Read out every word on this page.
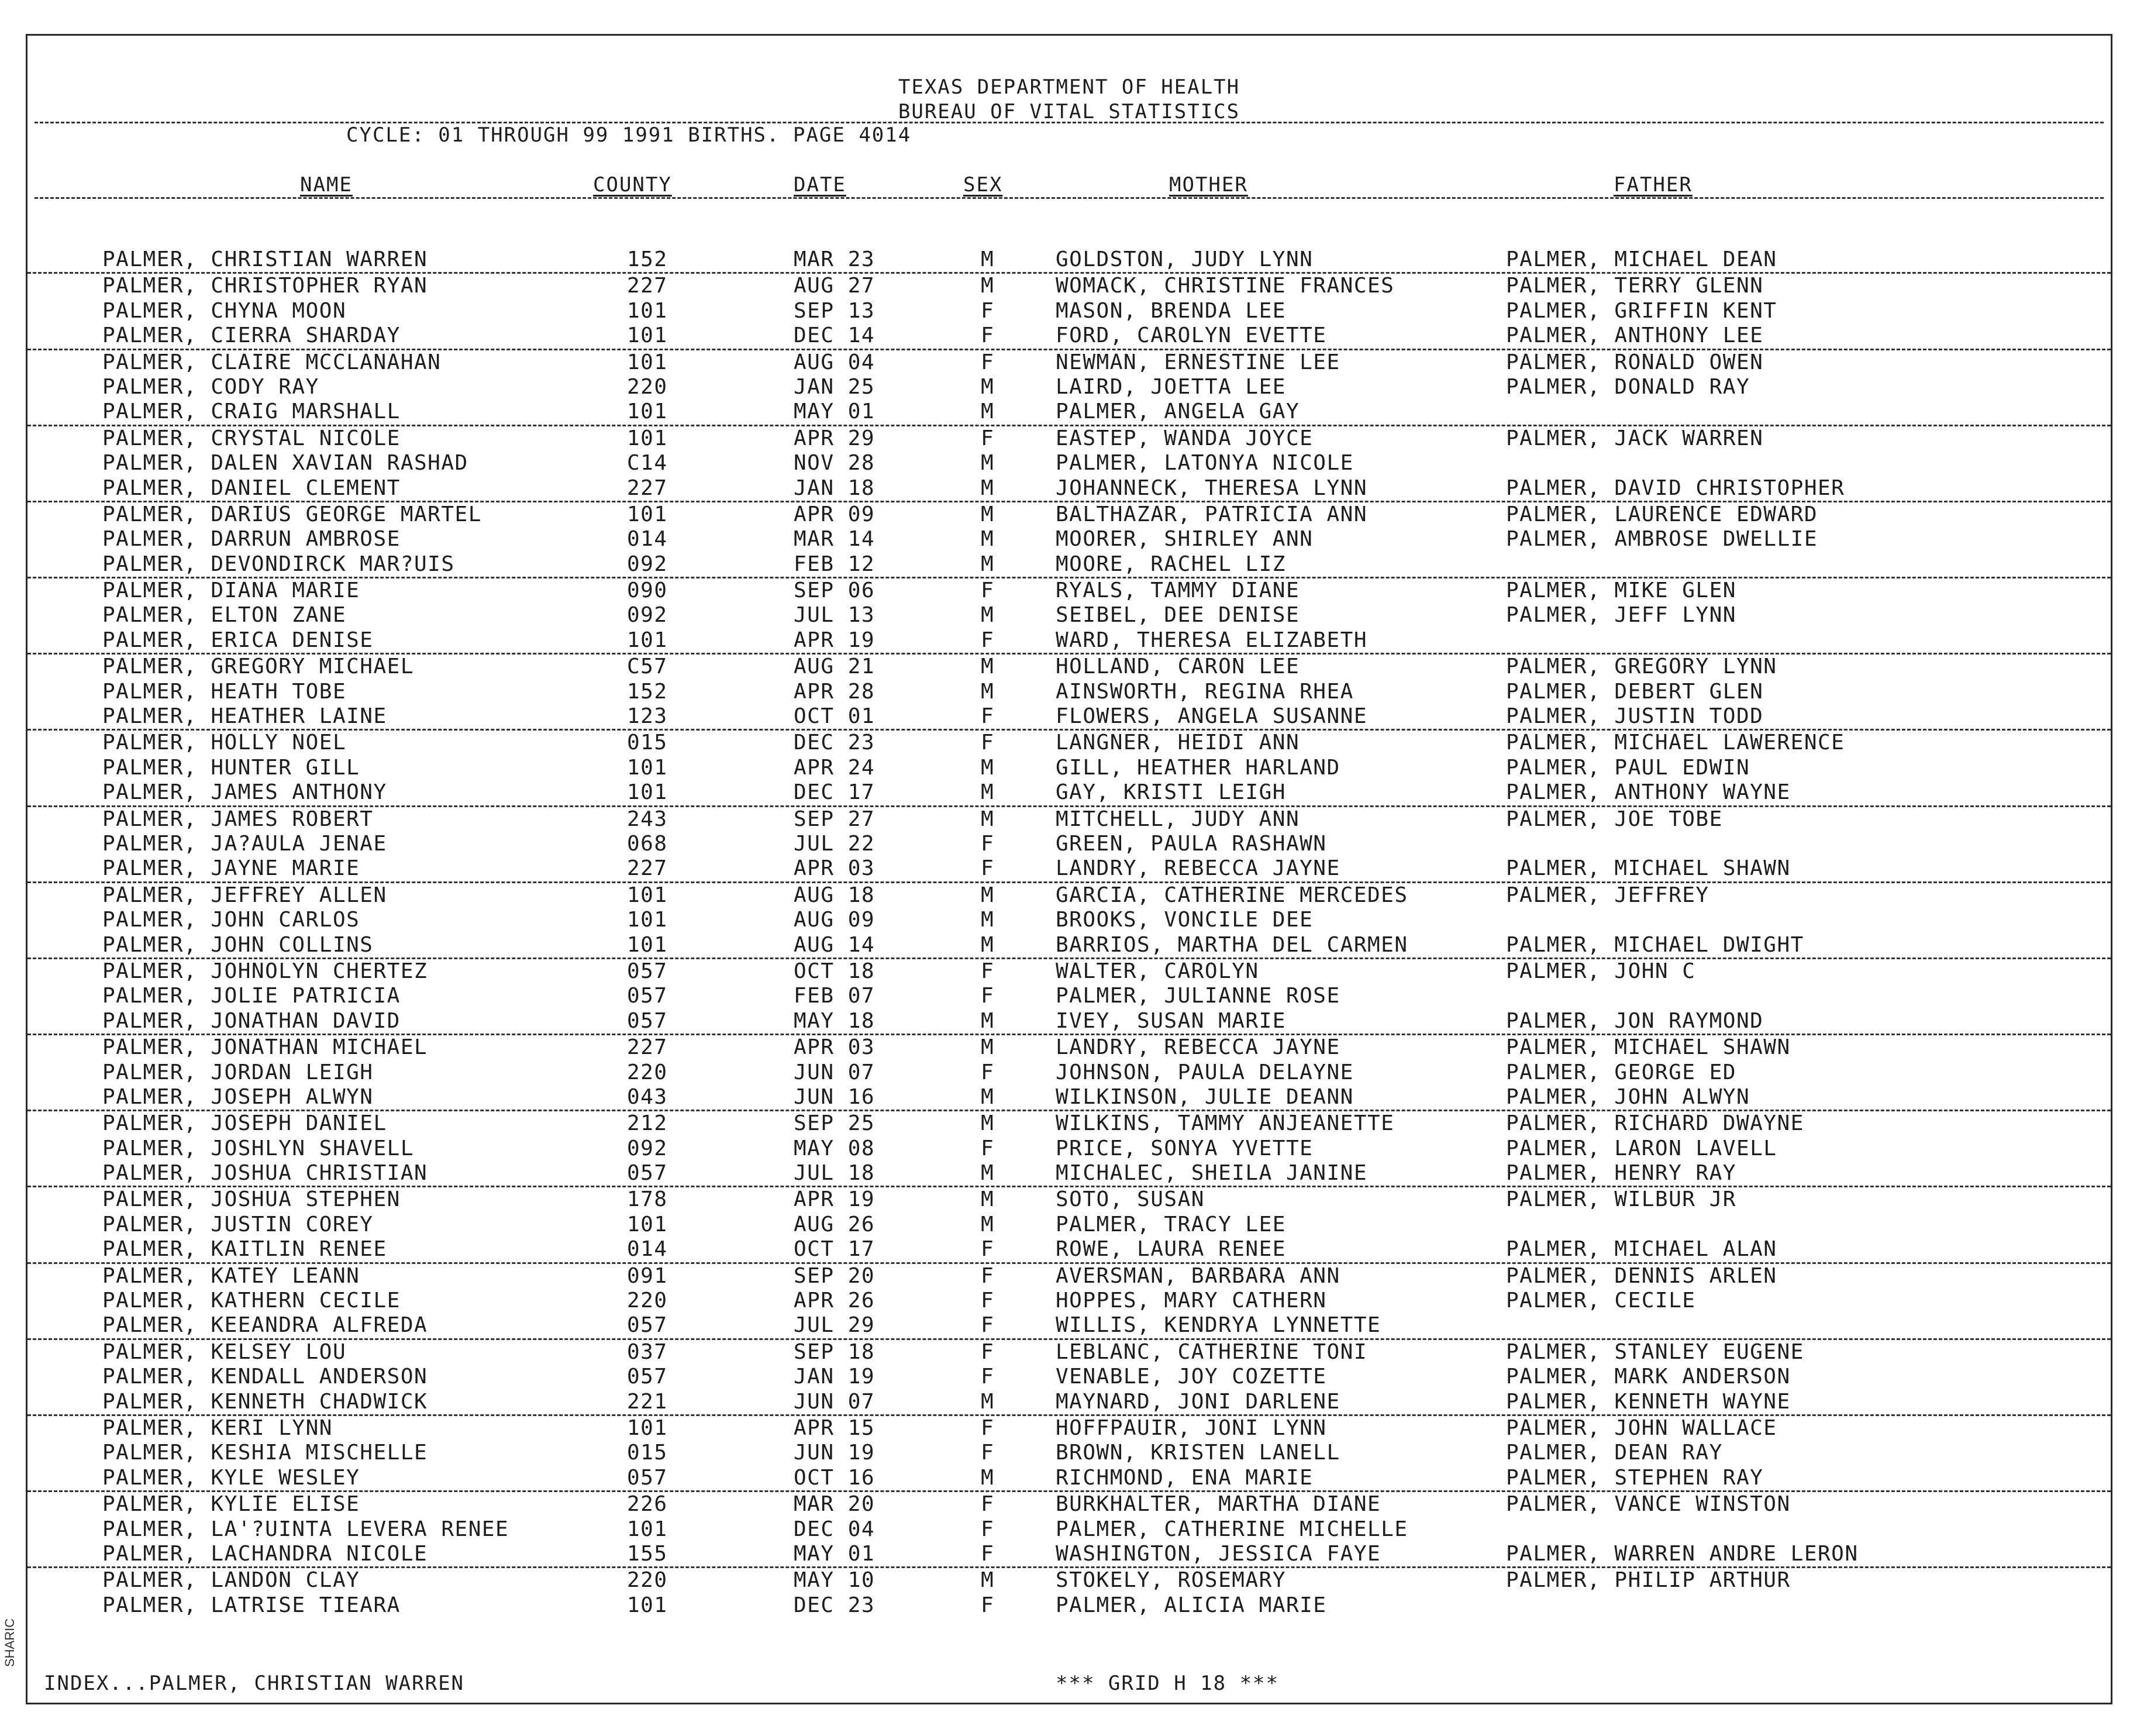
TEXAS DEPARTMENT OF HEALTH
BUREAU OF VITAL STATISTICS
CYCLE: 01 THROUGH 99 1991 BIRTHS. PAGE 4014
NAME	COUNTY	DATE	SEX	MOTHER	FATHER
PALMER, CHRISTIAN WARREN	152	MAR 23	M	GOLDSTON, JUDY LYNN	PALMER, MICHAEL DEAN
PALMER, CHRISTOPHER RYAN	227	AUG 27	M	WOMACK, CHRISTINE FRANCES	PALMER, TERRY GLENN
PALMER, CHYNA MOON	101	SEP 13	F	MASON, BRENDA LEE	PALMER, GRIFFIN KENT
PALMER, CIERRA SHARDAY	101	DEC 14	F	FORD, CAROLYN EVETTE	PALMER, ANTHONY LEE
PALMER, CLAIRE MCCLANAHAN	101	AUG 04	F	NEWMAN, ERNESTINE LEE	PALMER, RONALD OWEN
PALMER, CODY RAY	220	JAN 25	M	LAIRD, JOETTA LEE	PALMER, DONALD RAY
PALMER, CRAIG MARSHALL	101	MAY 01	M	PALMER, ANGELA GAY
PALMER, CRYSTAL NICOLE	101	APR 29	F	EASTEP, WANDA JOYCE	PALMER, JACK WARREN
PALMER, DALEN XAVIAN RASHAD	C14	NOV 28	M	PALMER, LATONYA NICOLE
PALMER, DANIEL CLEMENT	227	JAN 18	M	JOHANNECK, THERESA LYNN	PALMER, DAVID CHRISTOPHER
PALMER, DARIUS GEORGE MARTEL	101	APR 09	M	BALTHAZAR, PATRICIA ANN	PALMER, LAURENCE EDWARD
PALMER, DARRUN AMBROSE	014	MAR 14	M	MOORER, SHIRLEY ANN	PALMER, AMBROSE DWELLIE
PALMER, DEVONDIRCK MAR?UIS	092	FEB 12	M	MOORE, RACHEL LIZ
PALMER, DIANA MARIE	090	SEP 06	F	RYALS, TAMMY DIANE	PALMER, MIKE GLEN
PALMER, ELTON ZANE	092	JUL 13	M	SEIBEL, DEE DENISE	PALMER, JEFF LYNN
PALMER, ERICA DENISE	101	APR 19	F	WARD, THERESA ELIZABETH
PALMER, GREGORY MICHAEL	C57	AUG 21	M	HOLLAND, CARON LEE	PALMER, GREGORY LYNN
PALMER, HEATH TOBE	152	APR 28	M	AINSWORTH, REGINA RHEA	PALMER, DEBERT GLEN
PALMER, HEATHER LAINE	123	OCT 01	F	FLOWERS, ANGELA SUSANNE	PALMER, JUSTIN TODD
PALMER, HOLLY NOEL	015	DEC 23	F	LANGNER, HEIDI ANN	PALMER, MICHAEL LAWERENCE
PALMER, HUNTER GILL	101	APR 24	M	GILL, HEATHER HARLAND	PALMER, PAUL EDWIN
PALMER, JAMES ANTHONY	101	DEC 17	M	GAY, KRISTI LEIGH	PALMER, ANTHONY WAYNE
PALMER, JAMES ROBERT	243	SEP 27	M	MITCHELL, JUDY ANN	PALMER, JOE TOBE
PALMER, JA?AULA JENAE	068	JUL 22	F	GREEN, PAULA RASHAWN
PALMER, JAYNE MARIE	227	APR 03	F	LANDRY, REBECCA JAYNE	PALMER, MICHAEL SHAWN
PALMER, JEFFREY ALLEN	101	AUG 18	M	GARCIA, CATHERINE MERCEDES	PALMER, JEFFREY
PALMER, JOHN CARLOS	101	AUG 09	M	BROOKS, VONCILE DEE
PALMER, JOHN COLLINS	101	AUG 14	M	BARRIOS, MARTHA DEL CARMEN	PALMER, MICHAEL DWIGHT
PALMER, JOHNOLYN CHERTEZ	057	OCT 18	F	WALTER, CAROLYN	PALMER, JOHN C
PALMER, JOLIE PATRICIA	057	FEB 07	F	PALMER, JULIANNE ROSE
PALMER, JONATHAN DAVID	057	MAY 18	M	IVEY, SUSAN MARIE	PALMER, JON RAYMOND
PALMER, JONATHAN MICHAEL	227	APR 03	M	LANDRY, REBECCA JAYNE	PALMER, MICHAEL SHAWN
PALMER, JORDAN LEIGH	220	JUN 07	F	JOHNSON, PAULA DELAYNE	PALMER, GEORGE ED
PALMER, JOSEPH ALWYN	043	JUN 16	M	WILKINSON, JULIE DEANN	PALMER, JOHN ALWYN
PALMER, JOSEPH DANIEL	212	SEP 25	M	WILKINS, TAMMY ANJEANETTE	PALMER, RICHARD DWAYNE
PALMER, JOSHLYN SHAVELL	092	MAY 08	F	PRICE, SONYA YVETTE	PALMER, LARON LAVELL
PALMER, JOSHUA CHRISTIAN	057	JUL 18	M	MICHALEC, SHEILA JANINE	PALMER, HENRY RAY
PALMER, JOSHUA STEPHEN	178	APR 19	M	SOTO, SUSAN	PALMER, WILBUR JR
PALMER, JUSTIN COREY	101	AUG 26	M	PALMER, TRACY LEE
PALMER, KAITLIN RENEE	014	OCT 17	F	ROWE, LAURA RENEE	PALMER, MICHAEL ALAN
PALMER, KATEY LEANN	091	SEP 20	F	AVERSMAN, BARBARA ANN	PALMER, DENNIS ARLEN
PALMER, KATHERN CECILE	220	APR 26	F	HOPPES, MARY CATHERN	PALMER, CECILE
PALMER, KEEANDRA ALFREDA	057	JUL 29	F	WILLIS, KENDRYA LYNNETTE
PALMER, KELSEY LOU	037	SEP 18	F	LEBLANC, CATHERINE TONI	PALMER, STANLEY EUGENE
PALMER, KENDALL ANDERSON	057	JAN 19	F	VENABLE, JOY COZETTE	PALMER, MARK ANDERSON
PALMER, KENNETH CHADWICK	221	JUN 07	M	MAYNARD, JONI DARLENE	PALMER, KENNETH WAYNE
PALMER, KERI LYNN	101	APR 15	F	HOFFPAUIR, JONI LYNN	PALMER, JOHN WALLACE
PALMER, KESHIA MISCHELLE	015	JUN 19	F	BROWN, KRISTEN LANELL	PALMER, DEAN RAY
PALMER, KYLE WESLEY	057	OCT 16	M	RICHMOND, ENA MARIE	PALMER, STEPHEN RAY
PALMER, KYLIE ELISE	226	MAR 20	F	BURKHALTER, MARTHA DIANE	PALMER, VANCE WINSTON
PALMER, LA'?UINTA LEVERA RENEE	101	DEC 04	F	PALMER, CATHERINE MICHELLE
PALMER, LACHANDRA NICOLE	155	MAY 01	F	WASHINGTON, JESSICA FAYE	PALMER, WARREN ANDRE LERON
PALMER, LANDON CLAY	220	MAY 10	M	STOKELY, ROSEMARY	PALMER, PHILIP ARTHUR
PALMER, LATRISE TIEARA	101	DEC 23	F	PALMER, ALICIA MARIE
INDEX...PALMER, CHRISTIAN WARREN	*** GRID H 18 ***
SHARIC
